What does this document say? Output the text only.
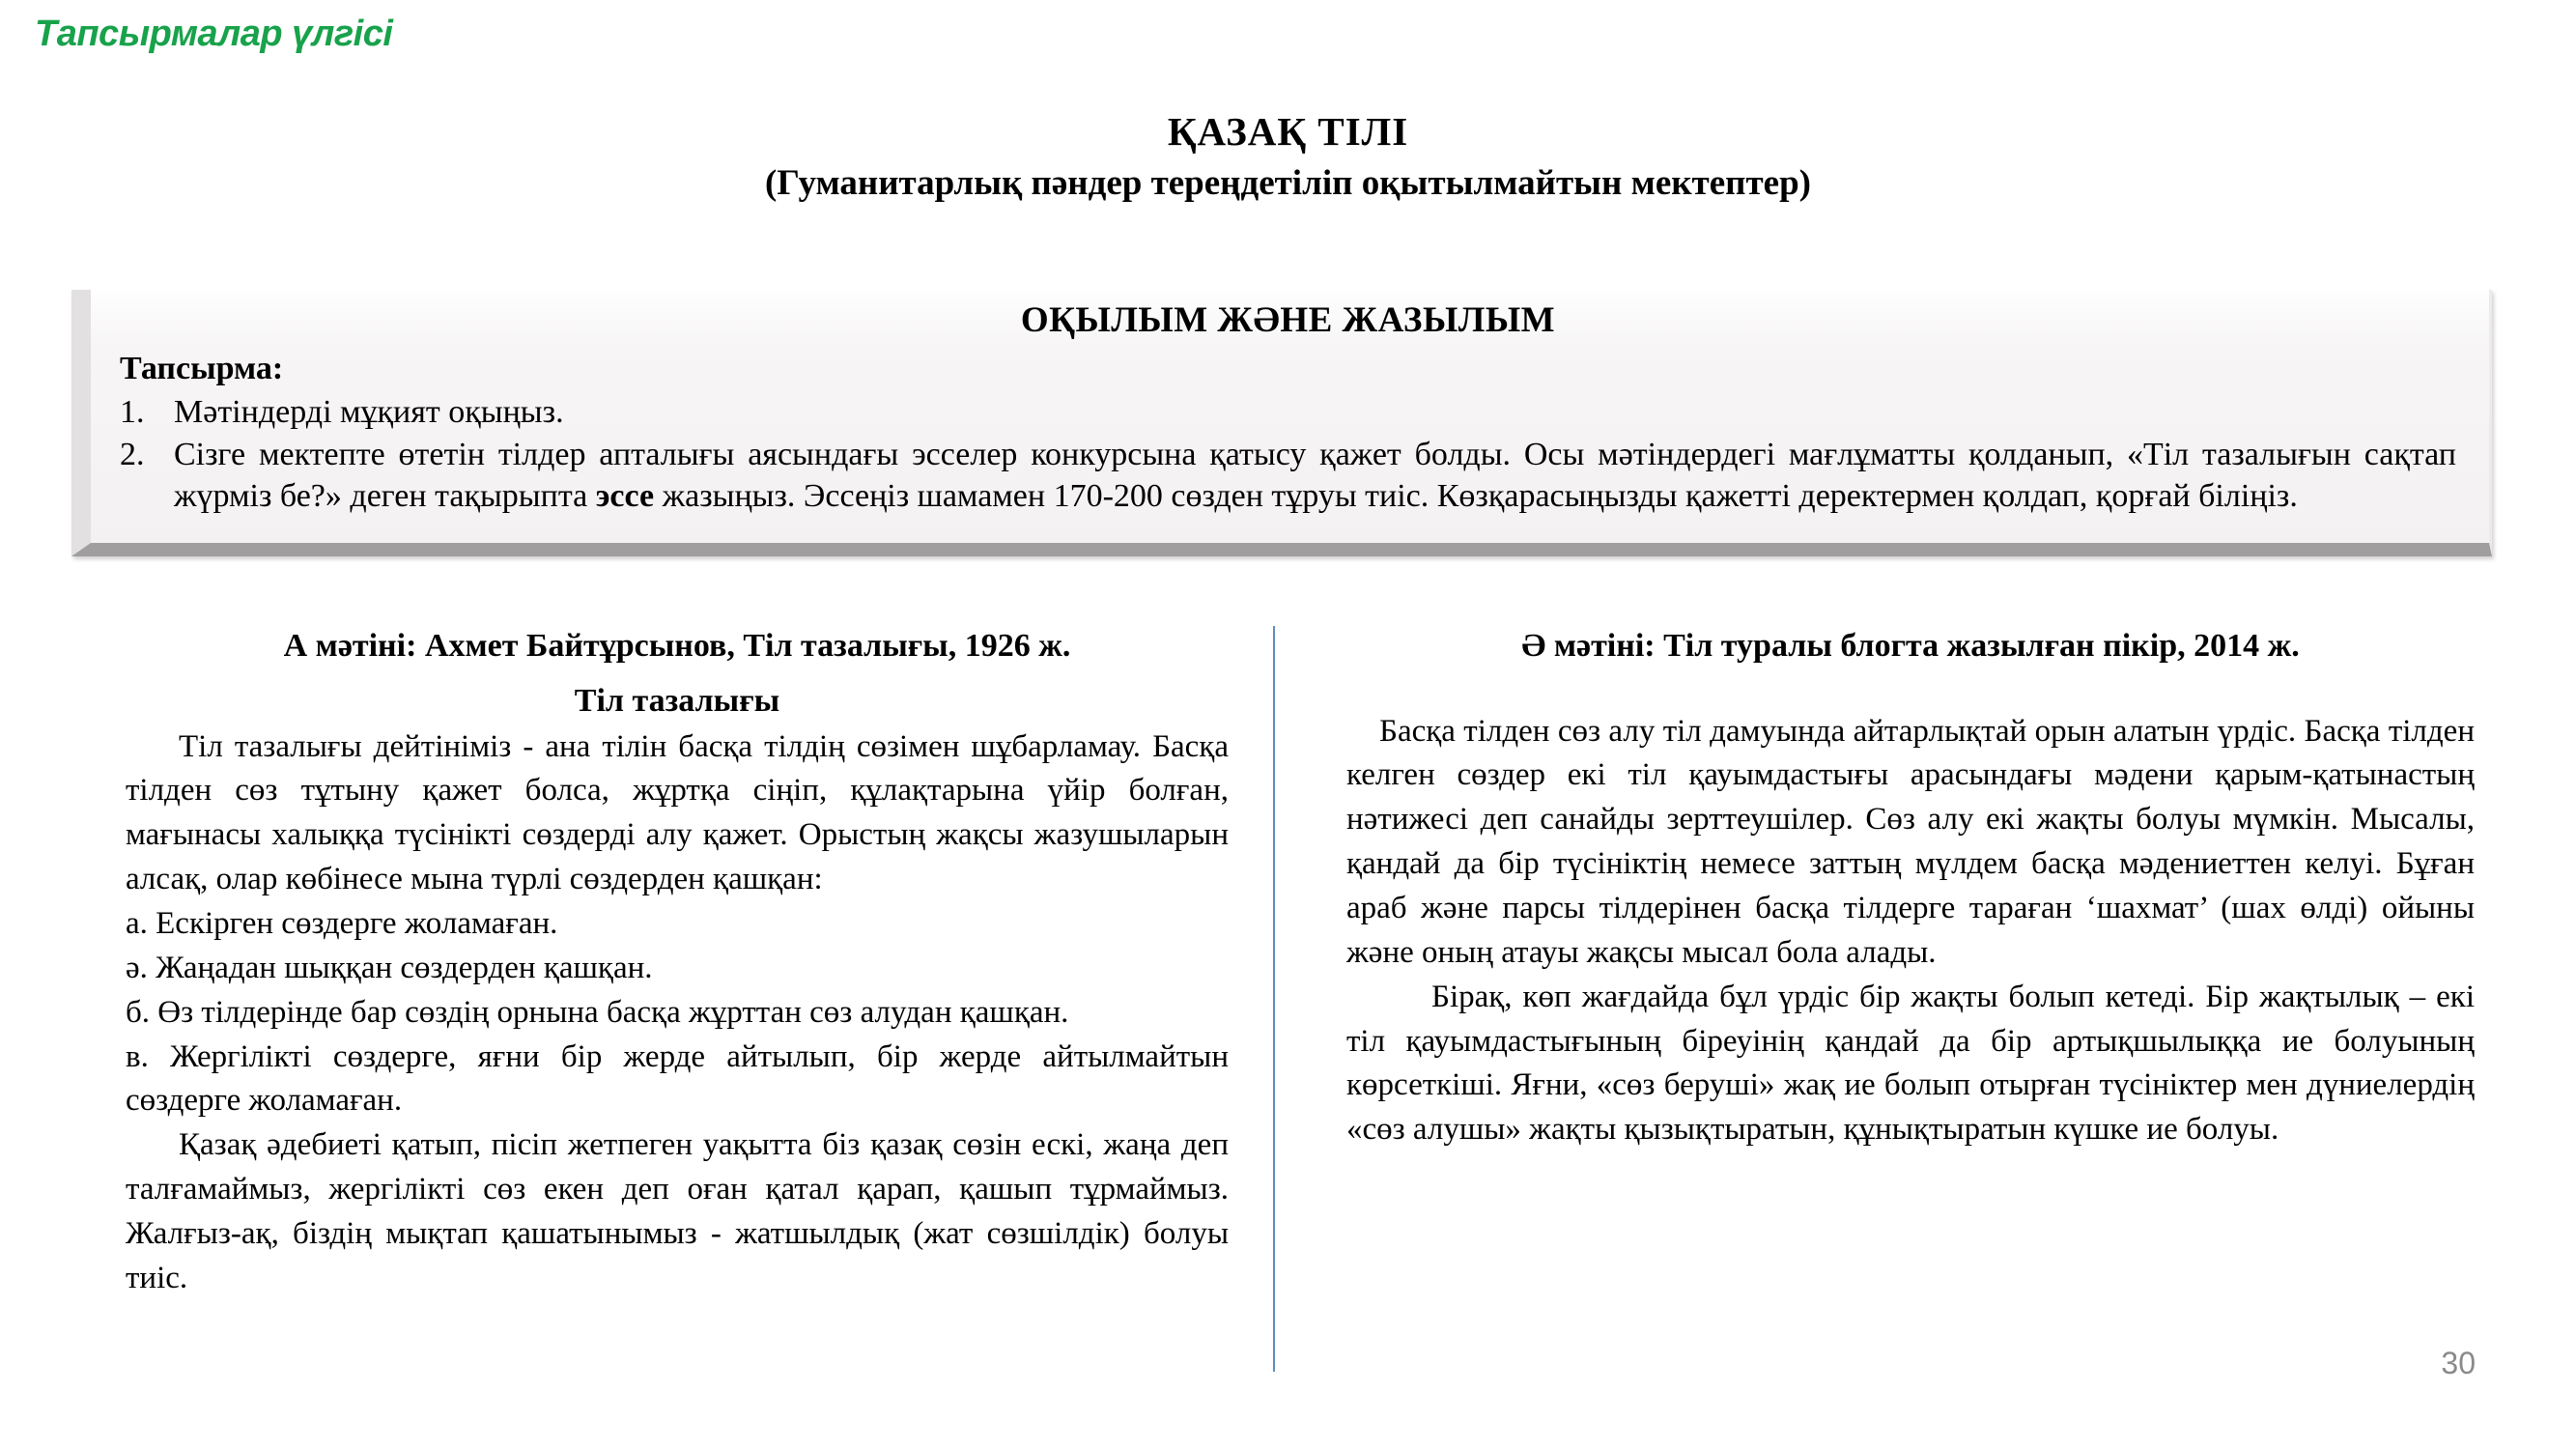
Тапсырмалар үлгісі
ҚАЗАҚ ТІЛІ
(Гуманитарлық пәндер тереңдетіліп оқытылмайтын мектептер)
ОҚЫЛЫМ ЖӘНЕ ЖАЗЫЛЫМ
Тапсырма:
1. Мәтіндерді мұқият оқыңыз.
2. Сізге мектепте өтетін тілдер апталығы аясындағы эсселер конкурсына қатысу қажет болды. Осы мәтіндердегі мағлұматты қолданып, «Тіл тазалығын сақтап жүрміз бе?» деген тақырыпта эссе жазыңыз. Эссеңіз шамамен 170-200 сөзден тұруы тиіс. Көзқарасыңызды қажетті деректермен қолдап, қорғай біліңіз.
А мәтіні: Ахмет Байтұрсынов, Тіл тазалығы, 1926 ж.
Тіл тазалығы
Тіл тазалығы дейтініміз - ана тілін басқа тілдің сөзімен шұбарламау. Басқа тілден сөз тұтыну қажет болса, жұртқа сіңіп, құлақтарына үйір болған, мағынасы халыққа түсінікті сөздерді алу қажет. Орыстың жақсы жазушыларын алсақ, олар көбінесе мына түрлі сөздерден қашқан:
а. Ескірген сөздерге жоламаған.
ә. Жаңадан шыққан сөздерден қашқан.
б. Өз тілдерінде бар сөздің орнына басқа жұрттан сөз алудан қашқан.
в. Жергілікті сөздерге, яғни бір жерде айтылып, бір жерде айтылмайтын сөздерге жоламаған.
Қазақ әдебиеті қатып, пісіп жетпеген уақытта біз қазақ сөзін ескі, жаңа деп талғамаймыз, жергілікті сөз екен деп оған қатал қарап, қашып тұрмаймыз. Жалғыз-ақ, біздің мықтап қашатынымыз - жатшылдық (жат сөзшілдік) болуы тиіс.
Ә мәтіні: Тіл туралы блогта жазылған пікір, 2014 ж.
Басқа тілден сөз алу тіл дамуында айтарлықтай орын алатын үрдіс. Басқа тілден келген сөздер екі тіл қауымдастығы арасындағы мәдени қарым-қатынастың нәтижесі деп санайды зерттеушілер. Сөз алу екі жақты болуы мүмкін. Мысалы, қандай да бір түсініктің немесе заттың мүлдем басқа мәдениеттен келуі. Бұған араб және парсы тілдерінен басқа тілдерге тараған ‘шахмат’ (шах өлді) ойыны және оның атауы жақсы мысал бола алады.
Бірақ, көп жағдайда бұл үрдіс бір жақты болып кетеді. Бір жақтылық – екі тіл қауымдастығының біреуінің қандай да бір артықшылыққа ие болуының көрсеткіші. Яғни, «сөз беруші» жақ ие болып отырған түсініктер мен дүниелердің «сөз алушы» жақты қызықтыратын, құнықтыратын күшке ие болуы.
30
